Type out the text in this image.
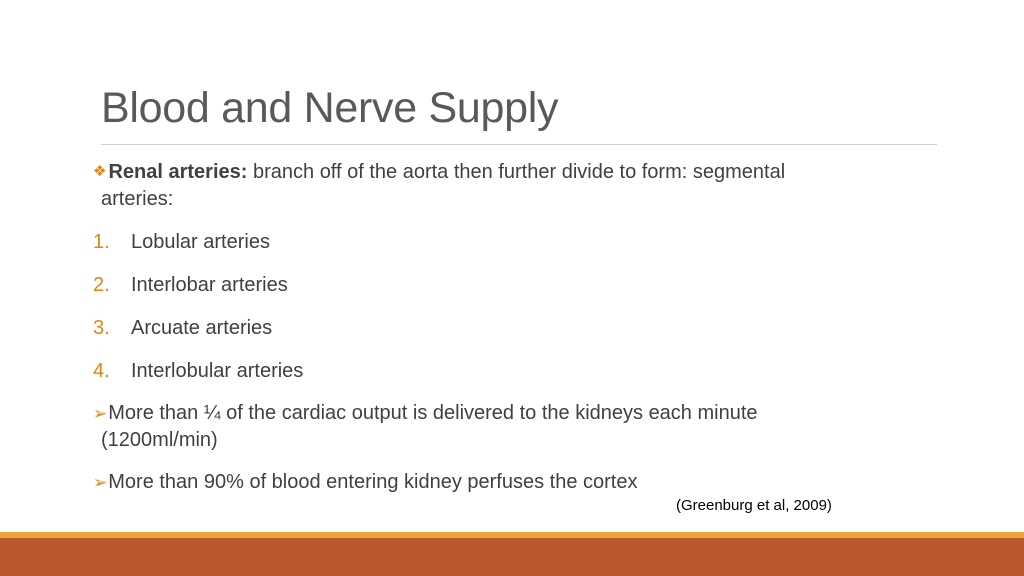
Blood and Nerve Supply
❖ Renal arteries: branch off of the aorta then further divide to form: segmental
arteries:
1. Lobular arteries
2. Interlobar arteries
3. Arcuate arteries
4. Interlobular arteries
➢More than ¼ of the cardiac output is delivered to the kidneys each minute
(1200ml/min)
➢More than 90% of blood entering kidney perfuses the cortex
(Greenburg et al, 2009)
